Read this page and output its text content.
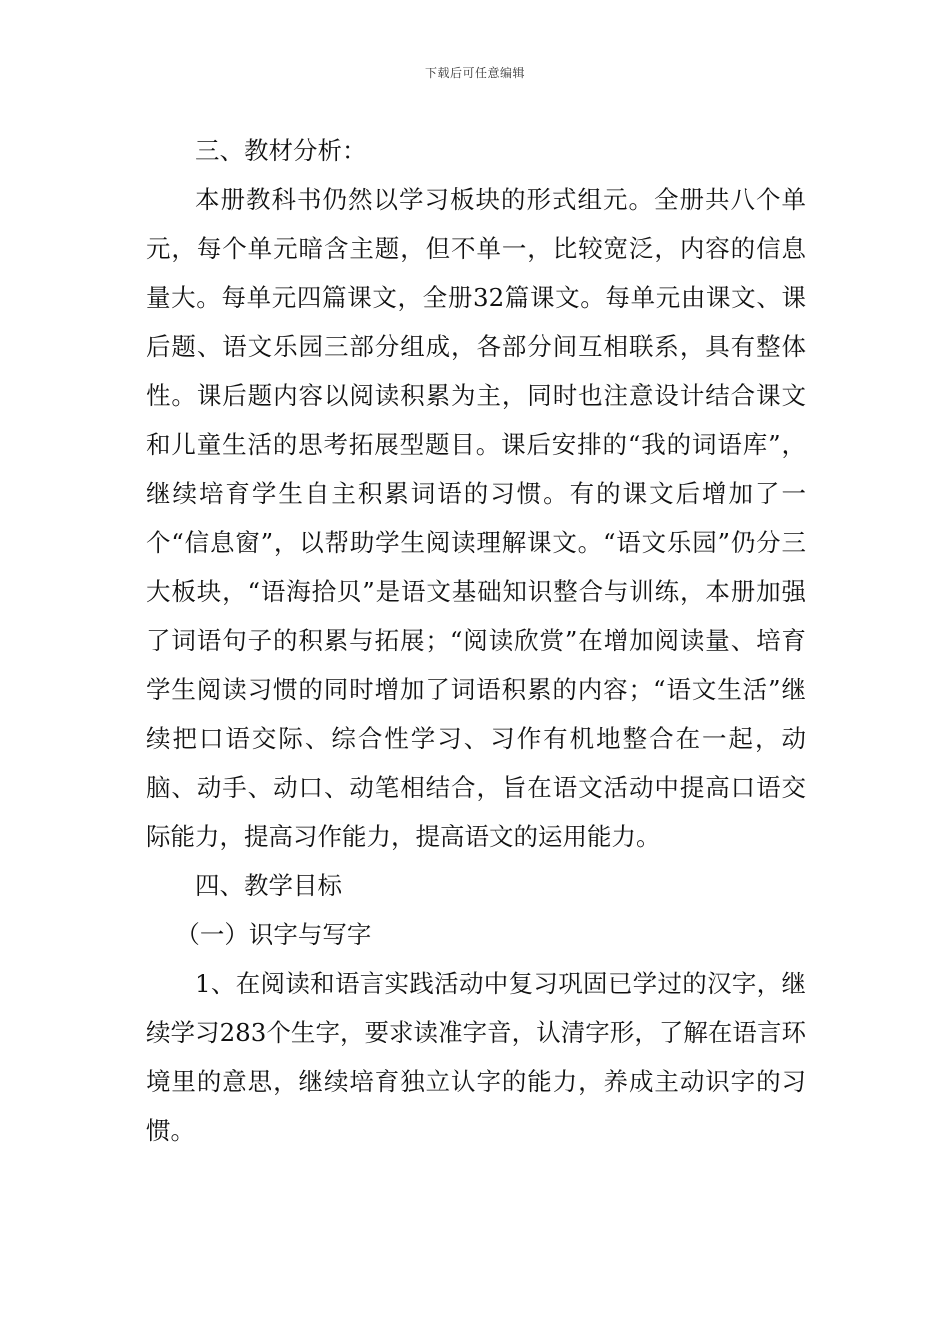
下载后可任意编辑

三、教材分析：

本册教科书仍然以学习板块的形式组元。全册共八个单元，每个单元暗含主题，但不单一，比较宽泛，内容的信息量大。每单元四篇课文，全册32篇课文。每单元由课文、课后题、语文乐园三部分组成，各部分间互相联系，具有整体性。课后题内容以阅读积累为主，同时也注意设计结合课文和儿童生活的思考拓展型题目。课后安排的“我的词语库”，继续培育学生自主积累词语的习惯。有的课文后增加了一个“信息窗”，以帮助学生阅读理解课文。“语文乐园”仍分三大板块，“语海拾贝”是语文基础知识整合与训练，本册加强了词语句子的积累与拓展；“阅读欣赏”在增加阅读量、培育学生阅读习惯的同时增加了词语积累的内容；“语文生活”继续把口语交际、综合性学习、习作有机地整合在一起，动脑、动手、动口、动笔相结合，旨在语文活动中提高口语交际能力，提高习作能力，提高语文的运用能力。

四、教学目标

（一）识字与写字

1、在阅读和语言实践活动中复习巩固已学过的汉字，继续学习283个生字，要求读准字音，认清字形，了解在语言环境里的意思，继续培育独立认字的能力，养成主动识字的习惯。
